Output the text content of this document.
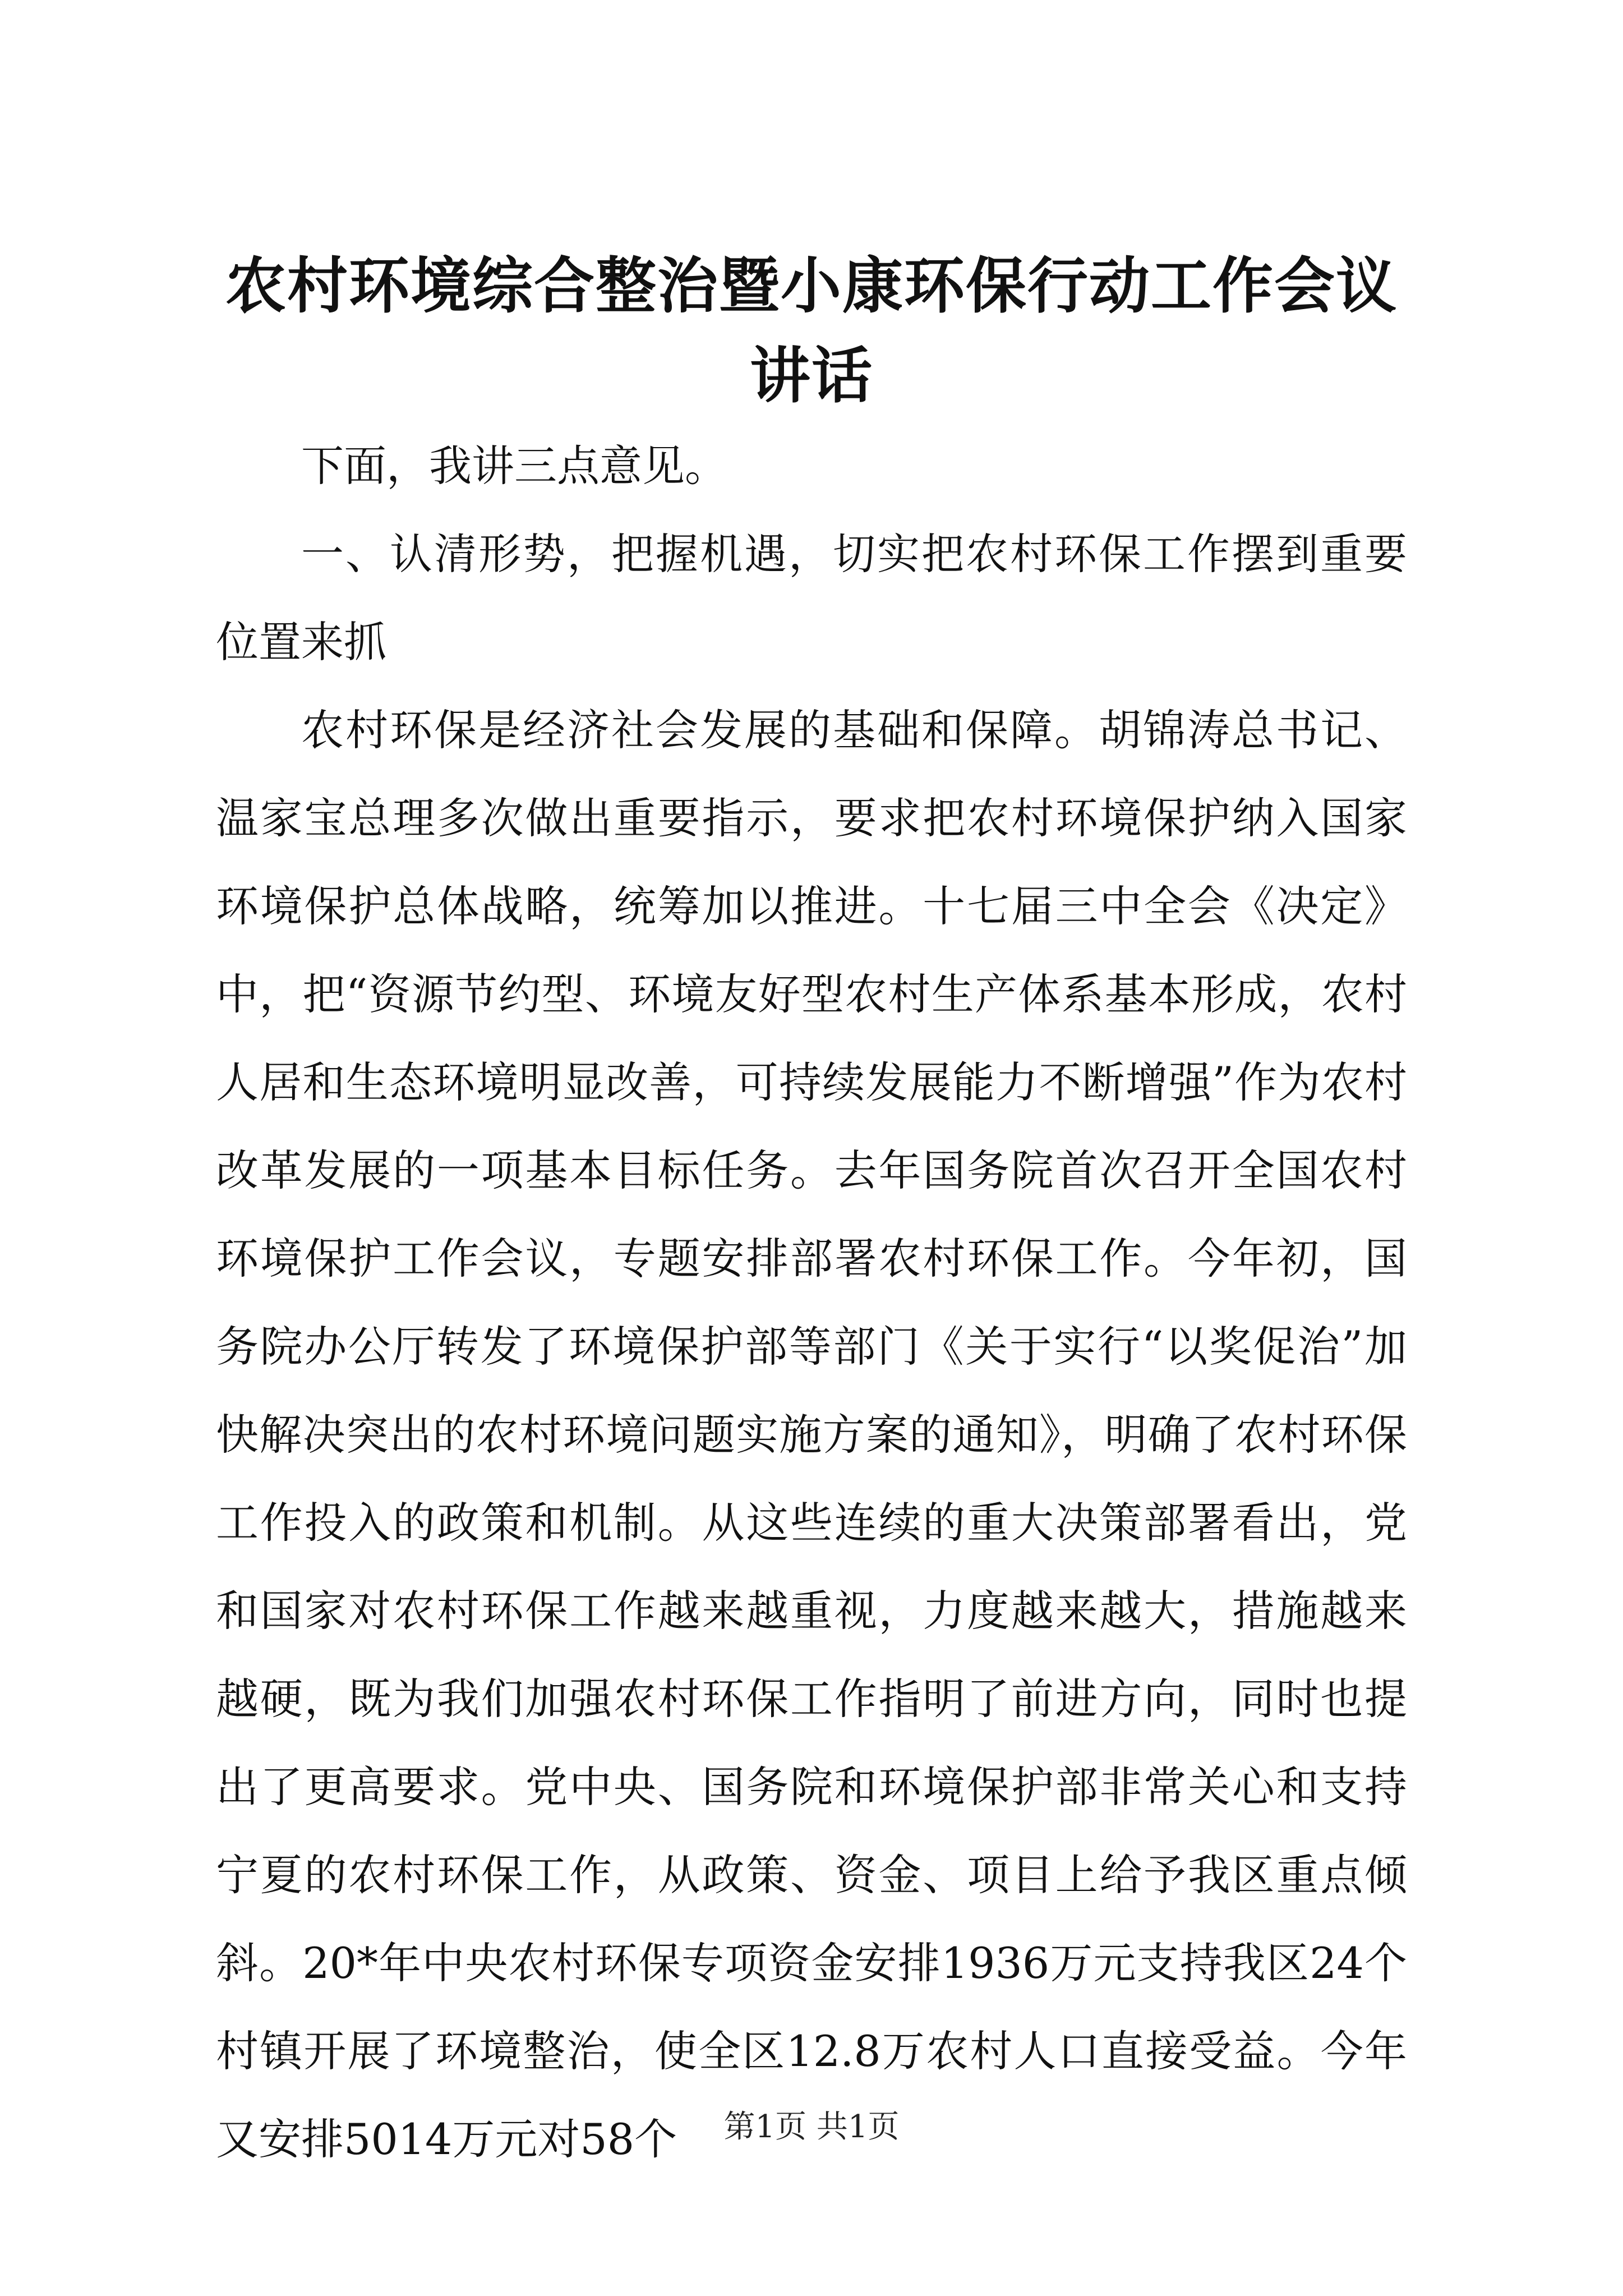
农村环境综合整治暨小康环保行动工作会议讲话

下面，我讲三点意见。

一、认清形势，把握机遇，切实把农村环保工作摆到重要位置来抓

农村环保是经济社会发展的基础和保障。胡锦涛总书记、温家宝总理多次做出重要指示，要求把农村环境保护纳入国家环境保护总体战略，统筹加以推进。十七届三中全会《决定》中，把“资源节约型、环境友好型农村生产体系基本形成，农村人居和生态环境明显改善，可持续发展能力不断增强”作为农村改革发展的一项基本目标任务。去年国务院首次召开全国农村环境保护工作会议，专题安排部署农村环保工作。今年初，国务院办公厅转发了环境保护部等部门《关于实行“以奖促治”加快解决突出的农村环境问题实施方案的通知》，明确了农村环保工作投入的政策和机制。从这些连续的重大决策部署看出，党和国家对农村环保工作越来越重视，力度越来越大，措施越来越硬，既为我们加强农村环保工作指明了前进方向，同时也提出了更高要求。党中央、国务院和环境保护部非常关心和支持宁夏的农村环保工作，从政策、资金、项目上给予我区重点倾斜。20*年中央农村环保专项资金安排1936万元支持我区24个村镇开展了环境整治，使全区12.8万农村人口直接受益。今年又安排5014万元对58个	第1页 共1页
